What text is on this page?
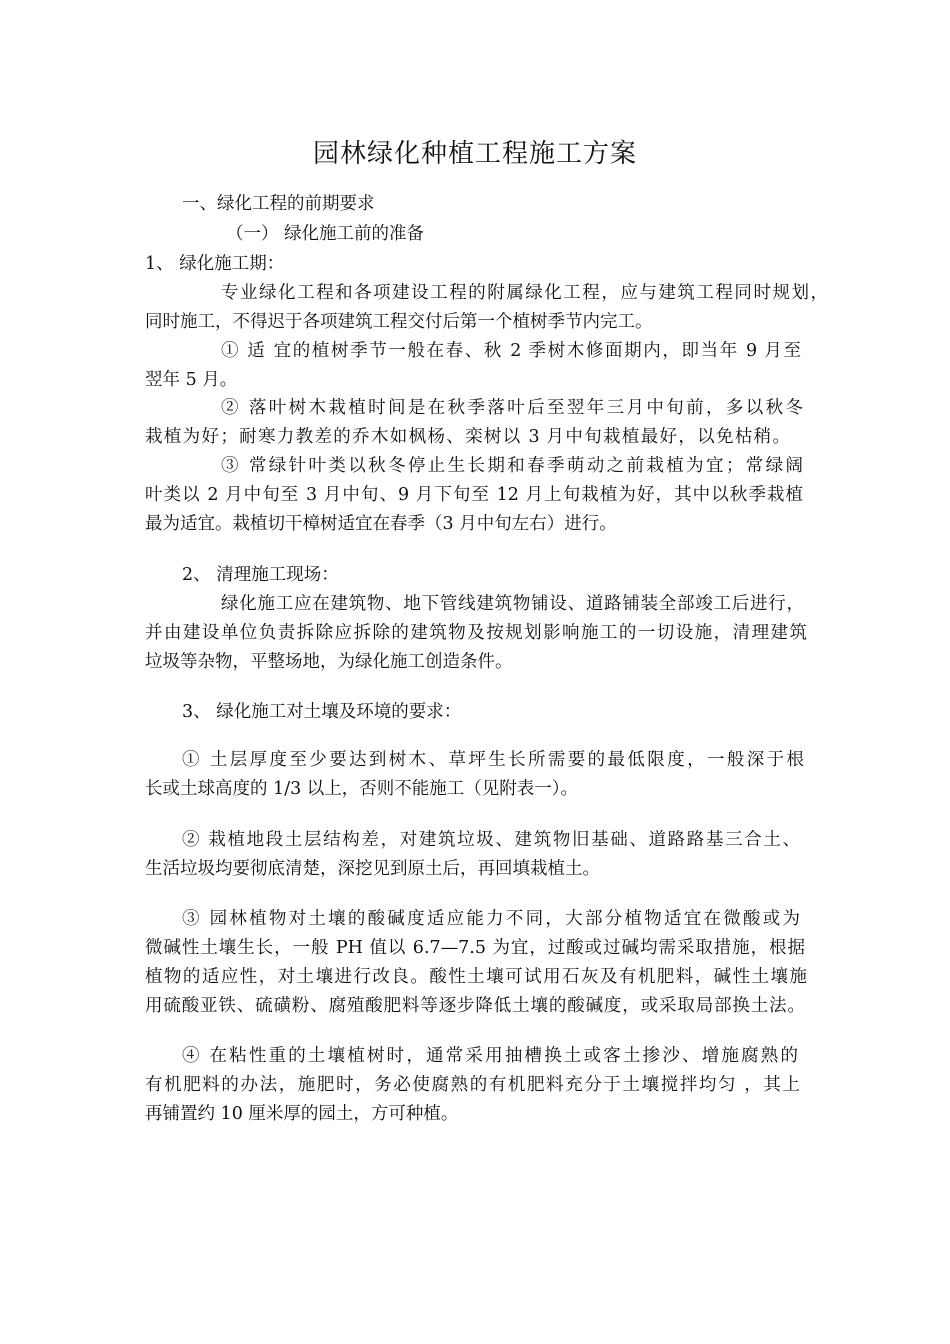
园林绿化种植工程施工方案
一、绿化工程的前期要求
（一） 绿化施工前的准备
1、 绿化施工期：
专业绿化工程和各项建设工程的附属绿化工程，应与建筑工程同时规划，
同时施工，不得迟于各项建筑工程交付后第一个植树季节内完工。
① 适 宜的植树季节一般在春、秋 2 季树木修面期内，即当年 9 月至
翌年 5 月。
② 落叶树木栽植时间是在秋季落叶后至翌年三月中旬前，多以秋冬
栽植为好；耐寒力教差的乔木如枫杨、栾树以 3 月中旬栽植最好，以免枯稍。
③ 常绿针叶类以秋冬停止生长期和春季萌动之前栽植为宜；常绿阔
叶类以 2 月中旬至 3 月中旬、9 月下旬至 12 月上旬栽植为好，其中以秋季栽植
最为适宜。栽植切干樟树适宜在春季（3 月中旬左右）进行。
2、 清理施工现场：
绿化施工应在建筑物、地下管线建筑物铺设、道路铺装全部竣工后进行，
并由建设单位负责拆除应拆除的建筑物及按规划影响施工的一切设施，清理建筑
垃圾等杂物，平整场地，为绿化施工创造条件。
3、 绿化施工对土壤及环境的要求：
① 土层厚度至少要达到树木、草坪生长所需要的最低限度，一般深于根
长或土球高度的 1/3 以上，否则不能施工（见附表一）。
② 栽植地段土层结构差，对建筑垃圾、建筑物旧基础、道路路基三合土、
生活垃圾均要彻底清楚，深挖见到原土后，再回填栽植土。
③ 园林植物对土壤的酸碱度适应能力不同，大部分植物适宜在微酸或为
微碱性土壤生长，一般 PH 值以 6.7—7.5 为宜，过酸或过碱均需采取措施，根据
植物的适应性，对土壤进行改良。酸性土壤可试用石灰及有机肥料，碱性土壤施
用硫酸亚铁、硫磺粉、腐殖酸肥料等逐步降低土壤的酸碱度，或采取局部换土法。
④ 在粘性重的土壤植树时，通常采用抽槽换土或客土掺沙、增施腐熟的
有机肥料的办法，施肥时，务必使腐熟的有机肥料充分于土壤搅拌均匀 ，其上
再铺置约 10 厘米厚的园土，方可种植。
